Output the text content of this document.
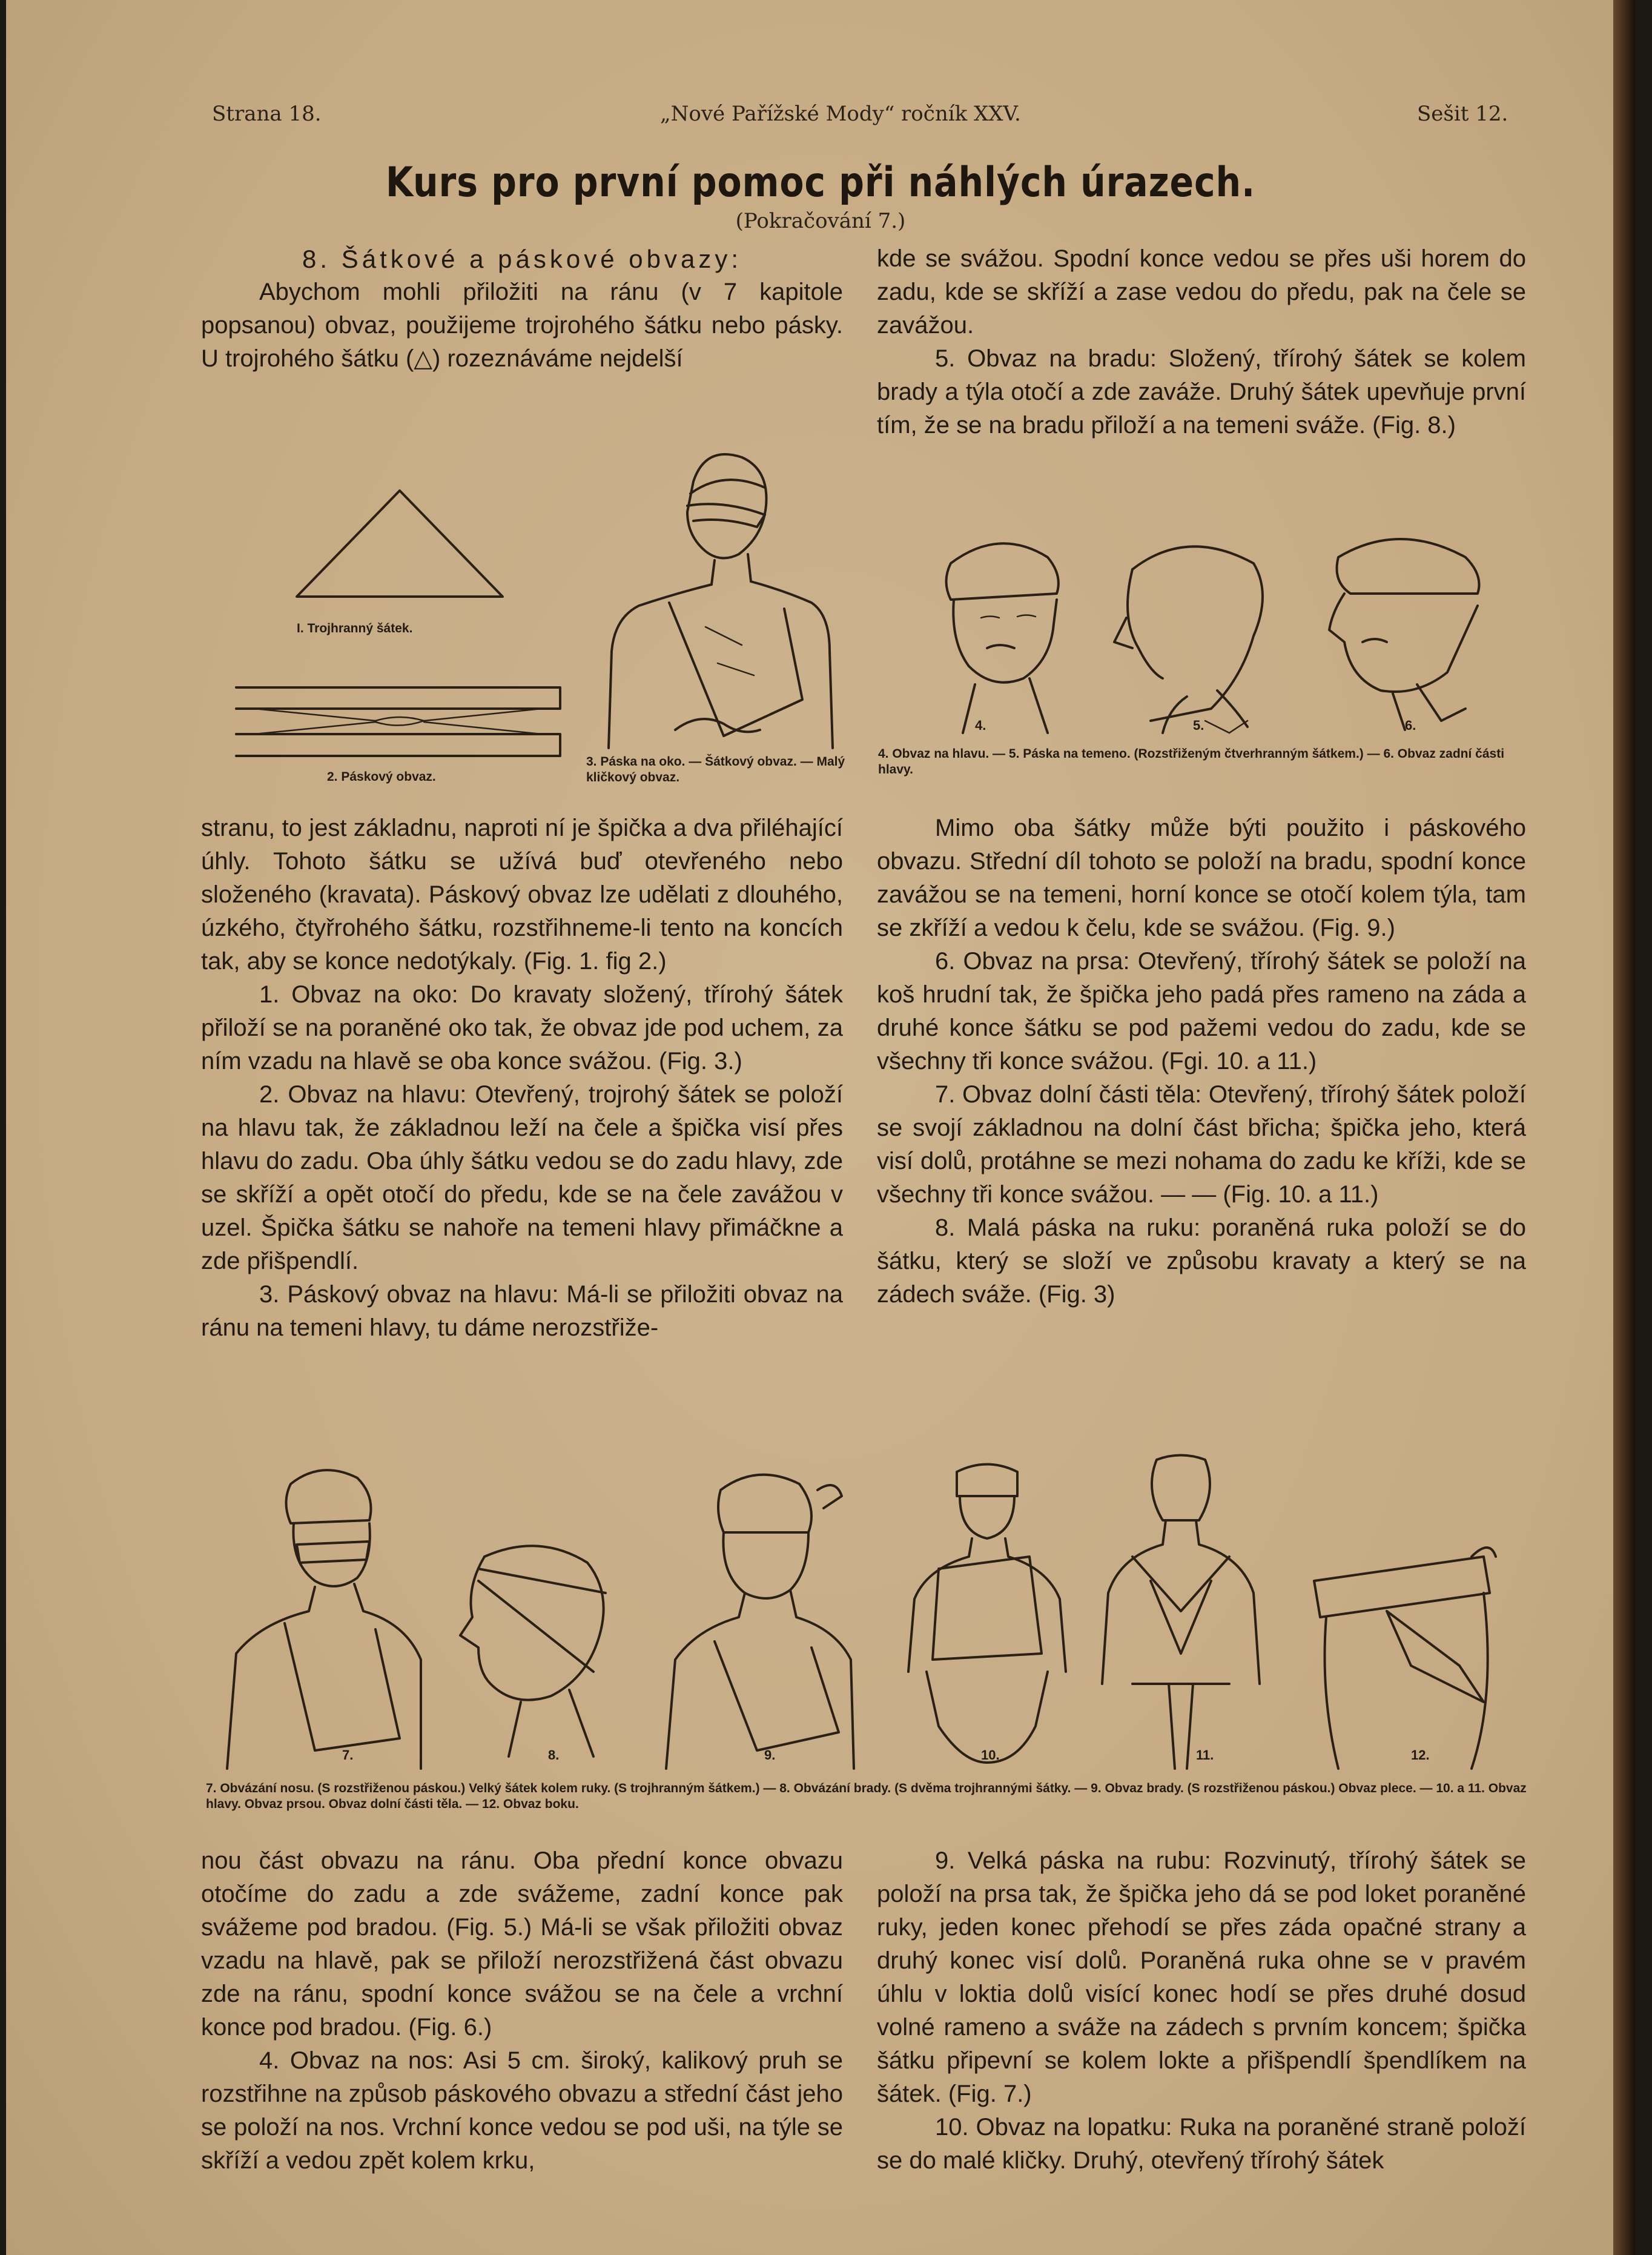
Strana 18.	„Nové Pařížské Mody“ ročník XXV.	Sešit 12.
Kurs pro první pomoc při náhlých úrazech.
(Pokračování 7.)

8. Šátkové a páskové obvazy:

Abychom mohli přiložiti na ránu (v 7 kapitole popsanou) obvaz, použijeme trojrohého šátku nebo pásky. U trojrohého šátku (△) rozeznáváme nejdelší

kde se svážou. Spodní konce vedou se přes uši horem do zadu, kde se skříží a zase vedou do předu, pak na čele se zavážou.

5. Obvaz na bradu: Složený, třírohý šátek se kolem brady a týla otočí a zde zaváže. Druhý šátek upevňuje první tím, že se na bradu přiloží a na temeni sváže. (Fig. 8.)

I. Trojhranný šátek.
2. Páskový obvaz.
3. Páska na oko. — Šátkový obvaz. — Malý kličkový obvaz.
4.	5.	6.
4. Obvaz na hlavu. — 5. Páska na temeno. (Rozstřiženým čtverhranným šátkem.) — 6. Obvaz zadní části hlavy.

stranu, to jest základnu, naproti ní je špička a dva přiléhající úhly. Tohoto šátku se užívá buď otevřeného nebo složeného (kravata). Páskový obvaz lze udělati z dlouhého, úzkého, čtyřrohého šátku, rozstřihneme-li tento na koncích tak, aby se konce nedotýkaly. (Fig. 1. fig 2.)

1. Obvaz na oko: Do kravaty složený, třírohý šátek přiloží se na poraněné oko tak, že obvaz jde pod uchem, za ním vzadu na hlavě se oba konce svážou. (Fig. 3.)

2. Obvaz na hlavu: Otevřený, trojrohý šátek se položí na hlavu tak, že základnou leží na čele a špička visí přes hlavu do zadu. Oba úhly šátku vedou se do zadu hlavy, zde se skříží a opět otočí do předu, kde se na čele zavážou v uzel. Špička šátku se nahoře na temeni hlavy přimáčkne a zde přišpendlí.

3. Páskový obvaz na hlavu: Má-li se přiložiti obvaz na ránu na temeni hlavy, tu dáme nerozstřiže-

Mimo oba šátky může býti použito i páskového obvazu. Střední díl tohoto se položí na bradu, spodní konce zavážou se na temeni, horní konce se otočí kolem týla, tam se zkříží a vedou k čelu, kde se svážou. (Fig. 9.)

6. Obvaz na prsa: Otevřený, třírohý šátek se položí na koš hrudní tak, že špička jeho padá přes rameno na záda a druhé konce šátku se pod pažemi vedou do zadu, kde se všechny tři konce svážou. (Fgi. 10. a 11.)

7. Obvaz dolní části těla: Otevřený, třírohý šátek položí se svojí základnou na dolní část břicha; špička jeho, která visí dolů, protáhne se mezi nohama do zadu ke kříži, kde se všechny tři konce svážou. — — (Fig. 10. a 11.)

8. Malá páska na ruku: poraněná ruka položí se do šátku, který se složí ve způsobu kravaty a který se na zádech sváže. (Fig. 3)

7.	8.	9.	10.	11.	12.
7. Obvázání nosu. (S rozstřiženou páskou.) Velký šátek kolem ruky. (S trojhranným šátkem.) — 8. Obvázání brady. (S dvěma trojhrannými šátky. — 9. Obvaz brady. (S rozstřiženou páskou.) Obvaz plece. — 10. a 11. Obvaz hlavy. Obvaz prsou. Obvaz dolní části těla. — 12. Obvaz boku.

nou část obvazu na ránu. Oba přední konce obvazu otočíme do zadu a zde svážeme, zadní konce pak svážeme pod bradou. (Fig. 5.) Má-li se však přiložiti obvaz vzadu na hlavě, pak se přiloží nerozstřižená část obvazu zde na ránu, spodní konce svážou se na čele a vrchní konce pod bradou. (Fig. 6.)

4. Obvaz na nos: Asi 5 cm. široký, kalikový pruh se rozstřihne na způsob páskového obvazu a střední část jeho se položí na nos. Vrchní konce vedou se pod uši, na týle se skříží a vedou zpět kolem krku,

9. Velká páska na rubu: Rozvinutý, třírohý šátek se položí na prsa tak, že špička jeho dá se pod loket poraněné ruky, jeden konec přehodí se přes záda opačné strany a druhý konec visí dolů. Poraněná ruka ohne se v pravém úhlu v loktia dolů visící konec hodí se přes druhé dosud volné rameno a sváže na zádech s prvním koncem; špička šátku připevní se kolem lokte a přišpendlí špendlíkem na šátek. (Fig. 7.)

10. Obvaz na lopatku: Ruka na poraněné straně položí se do malé kličky. Druhý, otevřený třírohý šátek
